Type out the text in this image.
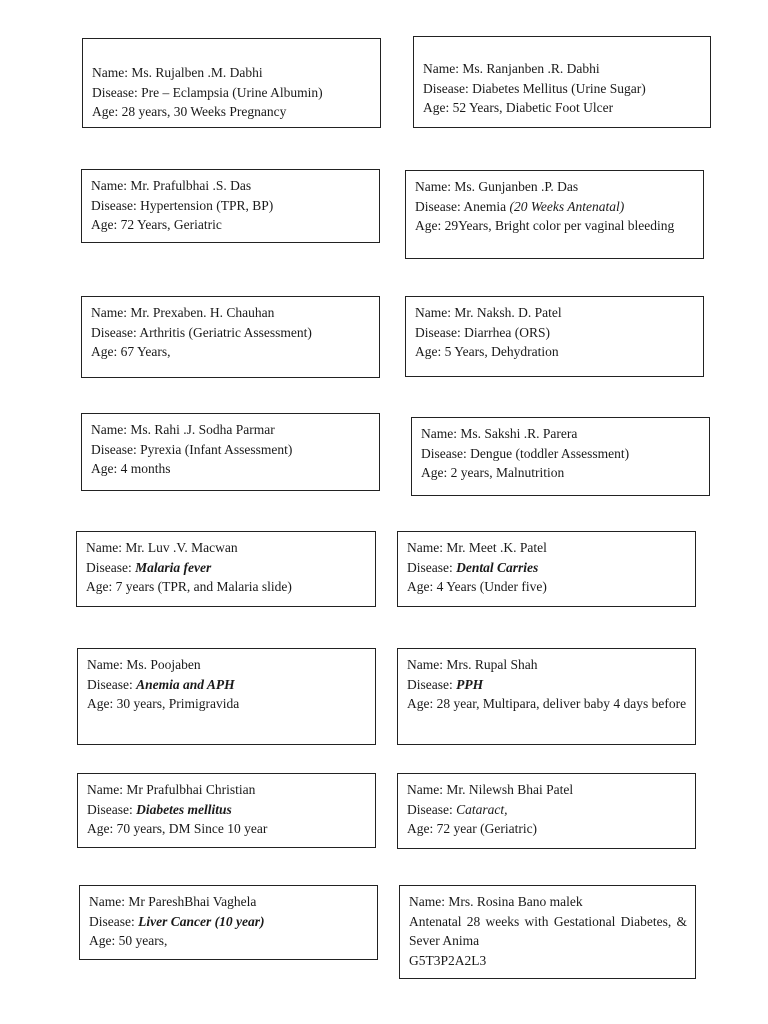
Name: Ms. Rujalben .M. Dabhi
Disease: Pre – Eclampsia (Urine Albumin)
Age: 28 years, 30 Weeks Pregnancy
Name: Ms. Ranjanben .R. Dabhi
Disease: Diabetes Mellitus (Urine Sugar)
Age: 52 Years, Diabetic Foot Ulcer
Name: Mr. Prafulbhai .S. Das
Disease: Hypertension (TPR, BP)
Age: 72 Years, Geriatric
Name: Ms. Gunjanben .P. Das
Disease: Anemia (20 Weeks Antenatal)
Age: 29Years, Bright color per vaginal bleeding
Name: Mr. Prexaben. H. Chauhan
Disease: Arthritis (Geriatric Assessment)
Age: 67 Years,
Name: Mr. Naksh. D. Patel
Disease: Diarrhea (ORS)
Age: 5 Years, Dehydration
Name: Ms. Rahi .J. Sodha Parmar
Disease: Pyrexia (Infant Assessment)
Age: 4 months
Name: Ms. Sakshi .R. Parera
Disease: Dengue (toddler Assessment)
Age: 2 years, Malnutrition
Name: Mr. Luv .V. Macwan
Disease: Malaria fever
Age: 7 years (TPR, and Malaria slide)
Name: Mr. Meet .K. Patel
Disease: Dental Carries
Age: 4 Years (Under five)
Name: Ms. Poojaben
Disease: Anemia and APH
Age: 30 years, Primigravida
Name: Mrs. Rupal Shah
Disease: PPH
Age: 28 year, Multipara, deliver baby 4 days before
Name: Mr Prafulbhai Christian
Disease: Diabetes mellitus
Age: 70 years, DM Since 10 year
Name: Mr. Nilewsh Bhai Patel
Disease: Cataract,
Age: 72 year (Geriatric)
Name: Mr PareshBhai Vaghela
Disease: Liver Cancer (10 year)
Age: 50 years,
Name: Mrs. Rosina Bano malek
Antenatal 28 weeks with Gestational Diabetes, & Sever Anima
G5T3P2A2L3
